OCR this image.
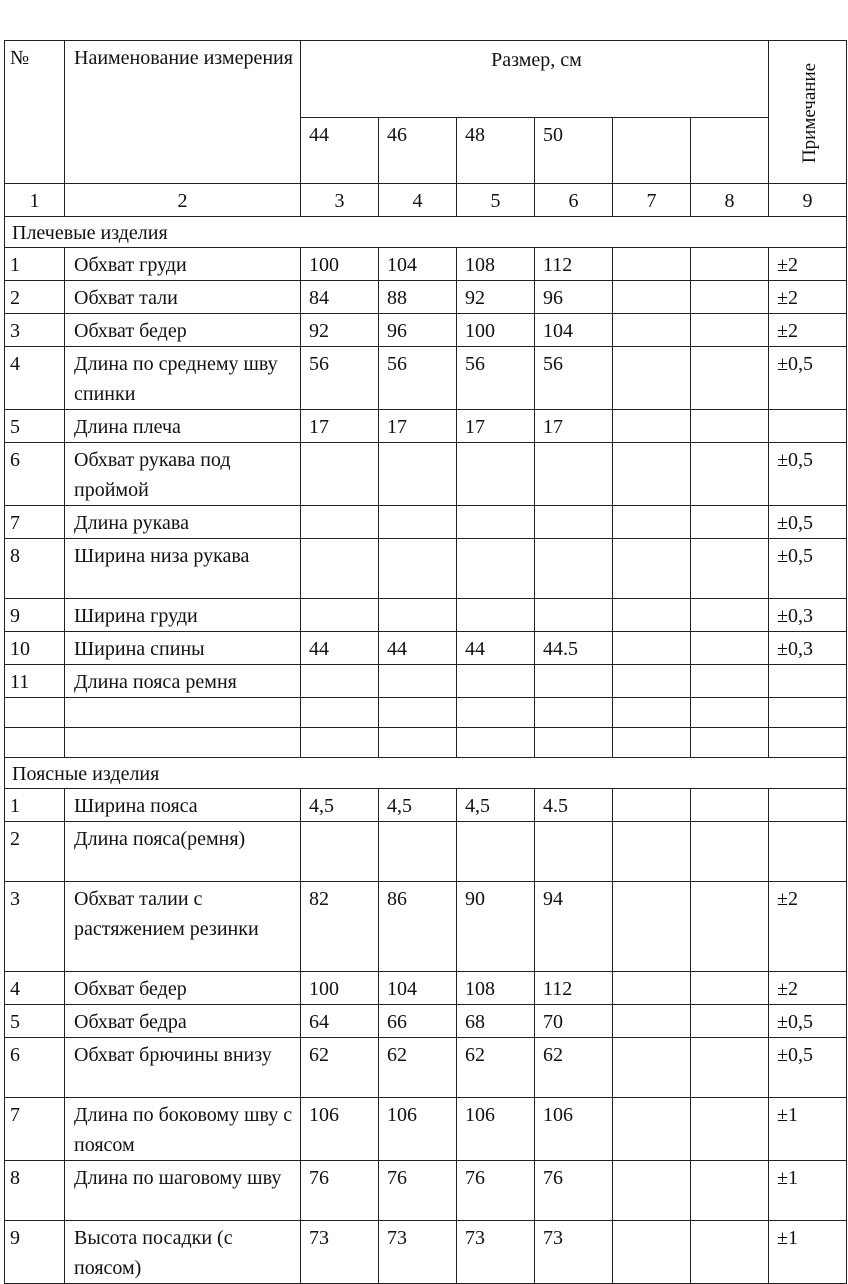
№	Наименование измерения	Размер, см						Примечание

		44	46	48	50			
1	2	3	4	5	6	7	8	9
Плечевые изделия								
1	Обхват груди	100	104	108	112			±2
2	Обхват тали	84	88	92	96			±2
3	Обхват бедер	92	96	100	104			±2
4	Длина по среднему шву спинки	56	56	56	56			±0,5
5	Длина плеча	17	17	17	17			
6	Обхват рукава под проймой							±0,5
7	Длина рукава							±0,5
8	Ширина низа рукава							±0,5
9	Ширина груди							±0,3
10	Ширина спины	44	44	44	44.5			±0,3
11	Длина пояса ремня							

Поясные изделия								
1	Ширина пояса	4,5	4,5	4,5	4.5			
2	Длина пояса(ремня)							
3	Обхват талии с растяжением резинки	82	86	90	94			±2
4	Обхват бедер	100	104	108	112			±2
5	Обхват бедра	64	66	68	70			±0,5
6	Обхват брючины внизу	62	62	62	62			±0,5
7	Длина по боковому шву с поясом	106	106	106	106			±1
8	Длина по шаговому шву	76	76	76	76			±1
9	Высота посадки (с поясом)	73	73	73	73			±1
